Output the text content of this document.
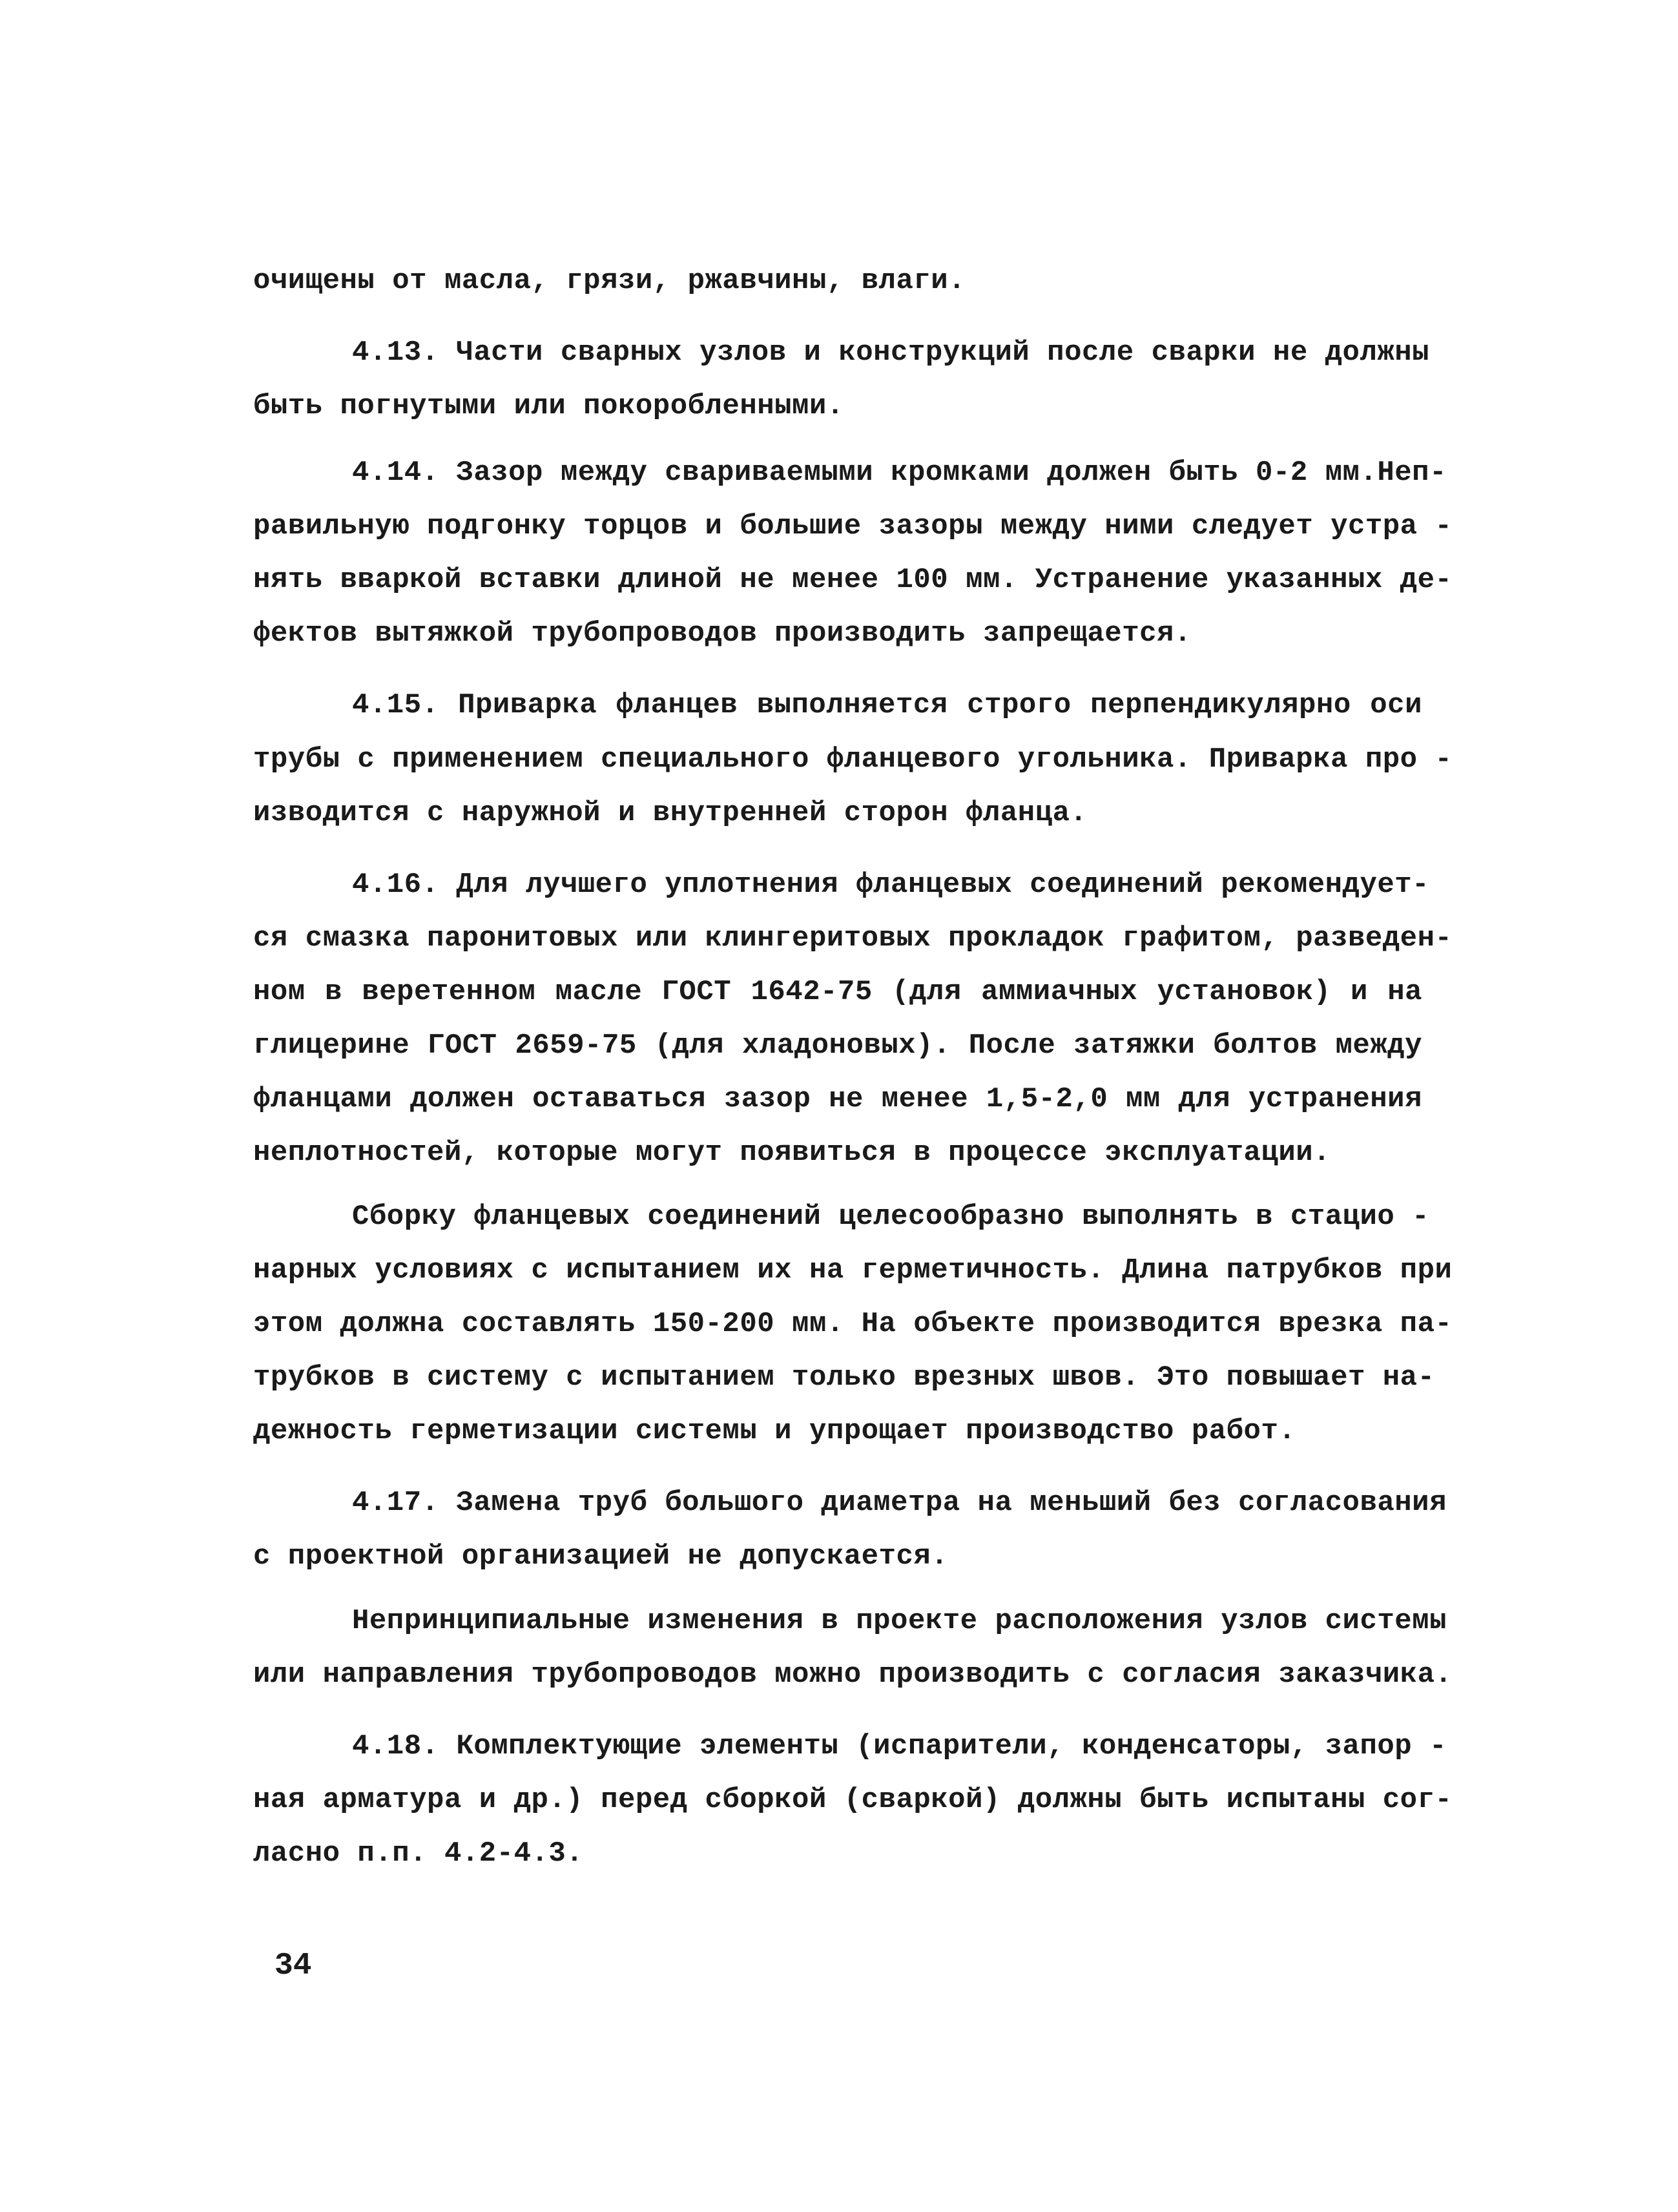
очищены от масла, грязи, ржавчины, влаги.
4.13. Части сварных узлов и конструкций после сварки не должны
быть погнутыми или покоробленными.
4.14. Зазор между свариваемыми кромками должен быть 0-2 мм.Неп-
равильную подгонку торцов и большие зазоры между ними следует устра -
нять вваркой вставки длиной не менее 100 мм. Устранение указанных де-
фектов вытяжкой трубопроводов производить запрещается.
4.15. Приварка фланцев выполняется строго перпендикулярно оси
трубы с применением специального фланцевого угольника. Приварка про -
изводится с наружной и внутренней сторон фланца.
4.16. Для лучшего уплотнения фланцевых соединений рекомендует-
ся смазка паронитовых или клингеритовых прокладок графитом, разведен-
ном в веретенном масле ГОСТ 1642-75 (для аммиачных установок) и на
глицерине ГОСТ 2659-75 (для хладоновых). После затяжки болтов между
фланцами должен оставаться зазор не менее 1,5-2,0 мм для устранения
неплотностей, которые могут появиться в процессе эксплуатации.
Сборку фланцевых соединений целесообразно выполнять в стацио -
нарных условиях с испытанием их на герметичность. Длина патрубков при
этом должна составлять 150-200 мм. На объекте производится врезка па-
трубков в систему с испытанием только врезных швов. Это повышает на-
дежность герметизации системы и упрощает производство работ.
4.17. Замена труб большого диаметра на меньший без согласования
с проектной организацией не допускается.
Непринципиальные изменения в проекте расположения узлов системы
или направления трубопроводов можно производить с согласия заказчика.
4.18. Комплектующие элементы (испарители, конденсаторы, запор -
ная арматура и др.) перед сборкой (сваркой) должны быть испытаны сог-
ласно п.п. 4.2-4.3.
34
